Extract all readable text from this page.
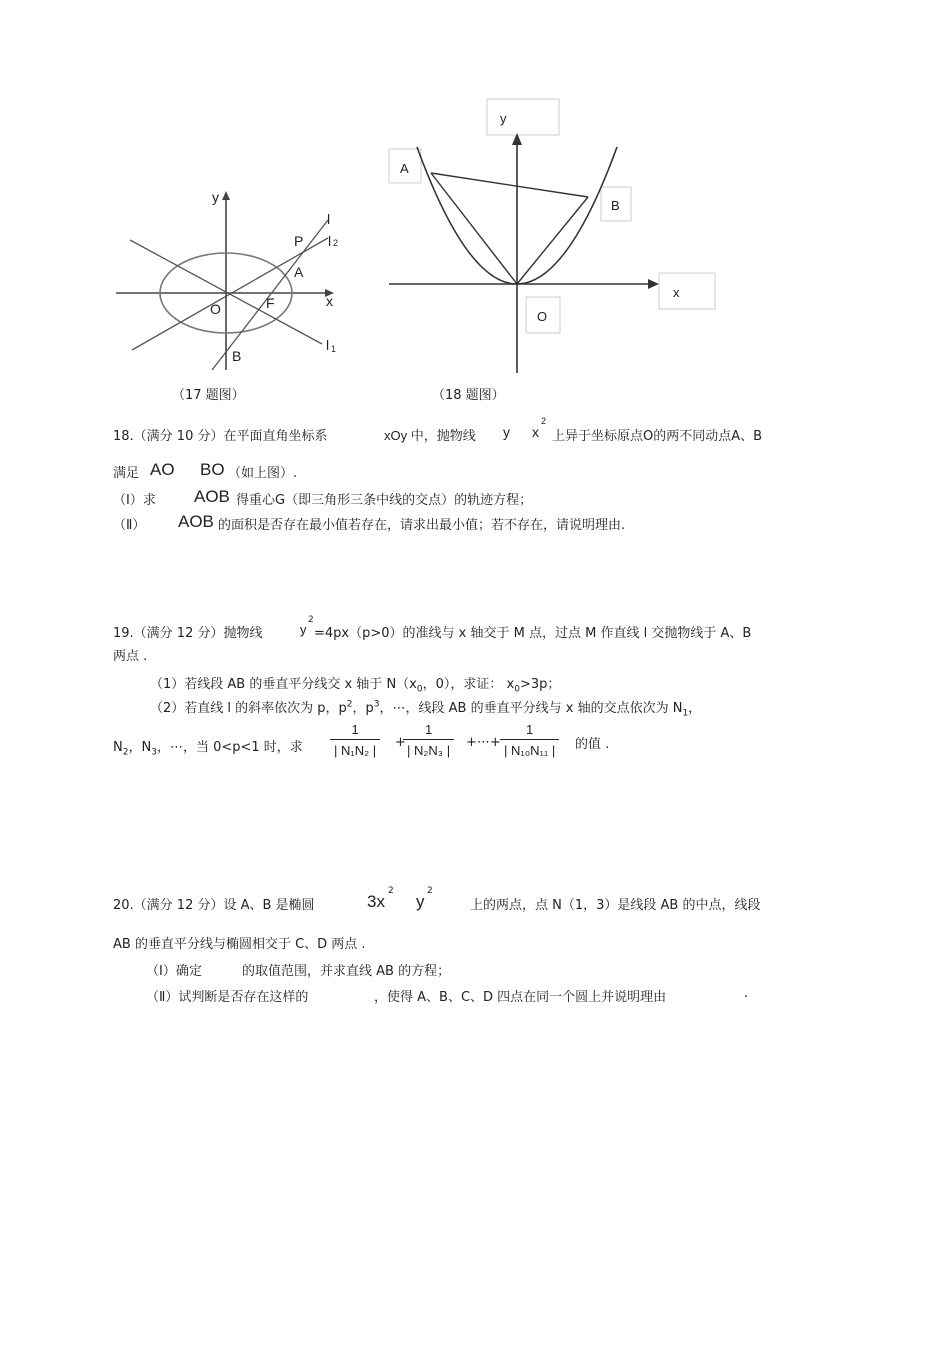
y
x
O	F
A
P
B
l
l 2
l 1
（17 题图）
y
A
B
x
O
（18 题图）
18.（满分 10 分）在平面直角坐标系	xOy 中，抛物线 y x
2
上异于坐标原点O的两不同动点A、B
满足 AO BO （如上图）.
（Ⅰ）求 AOB 得重心G（即三角形三条中线的交点）的轨迹方程；
（Ⅱ） AOB 的面积是否存在最小值若存在，请求出最小值；若不存在，请说明理由.
19.（满分 12 分）抛物线	y
2
=4px（p>0）的准线与 x 轴交于 M 点，过点 M 作直线 l 交抛物线于 A、B
两点 .
（1）若线段 AB 的垂直平分线交 x 轴于 $N(x_0$，0），求证： $x_0>3p$；
（2）若直线 l 的斜率依次为 p，$p^2$，$p^3$，⋯，线段 AB 的垂直平分线与 x 轴的交点依次为 $N_1$，
$N_2$，$N_3$，⋯，当 0<p<1 时，求 $\frac{1}{\text{| N₁N₂ |}}$ +
$\frac{1}{\text{| N₂N₃ |}}$ +⋯+ $\frac{1}{\text{| N₁₀N₁₁ |}}$ 的值 .
20.（满分 12 分）设 A、B 是椭圆	3x
2
y
2
上的两点，点 N（1，3）是线段 AB 的中点，线段
AB 的垂直平分线与椭圆相交于 C、D 两点 .
（Ⅰ）确定	的取值范围，并求直线 AB 的方程；
（Ⅱ）试判断是否存在这样的	，使得 A、B、C、D 四点在同一个圆上并说明理由	.
